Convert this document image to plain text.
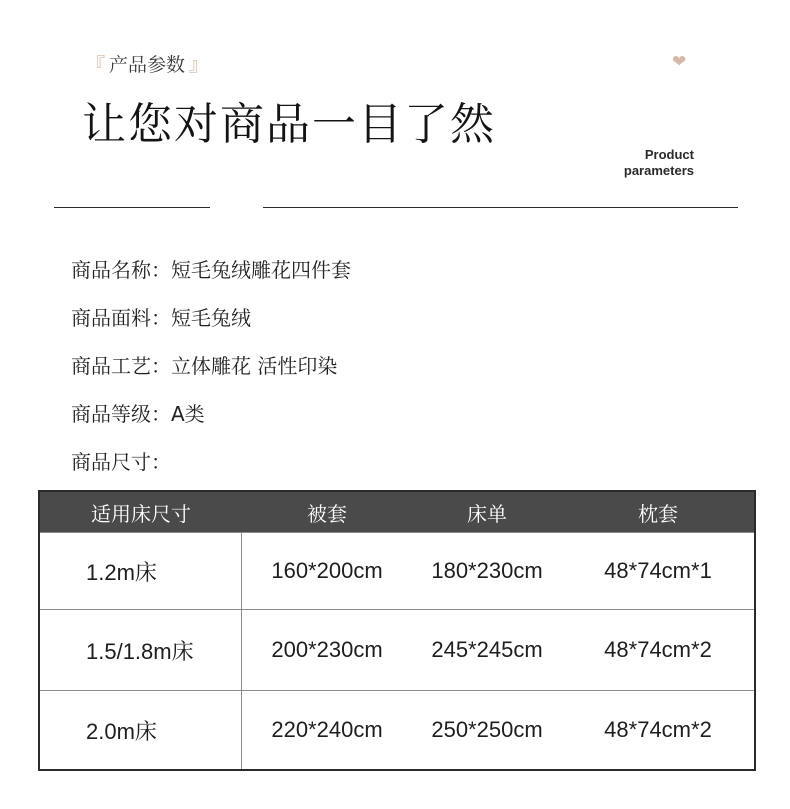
『 产品参数 』	❤
让您对商品一目了然
Product
parameters
商品名称： 短毛兔绒雕花四件套
商品面料： 短毛兔绒
商品工艺： 立体雕花 活性印染
商品等级： A类
商品尺寸：
适用床尺寸	被套	床单	枕套
1.2m床	160*200cm	180*230cm	48*74cm*1
1.5/1.8m床	200*230cm	245*245cm	48*74cm*2
2.0m床	220*240cm	250*250cm	48*74cm*2
